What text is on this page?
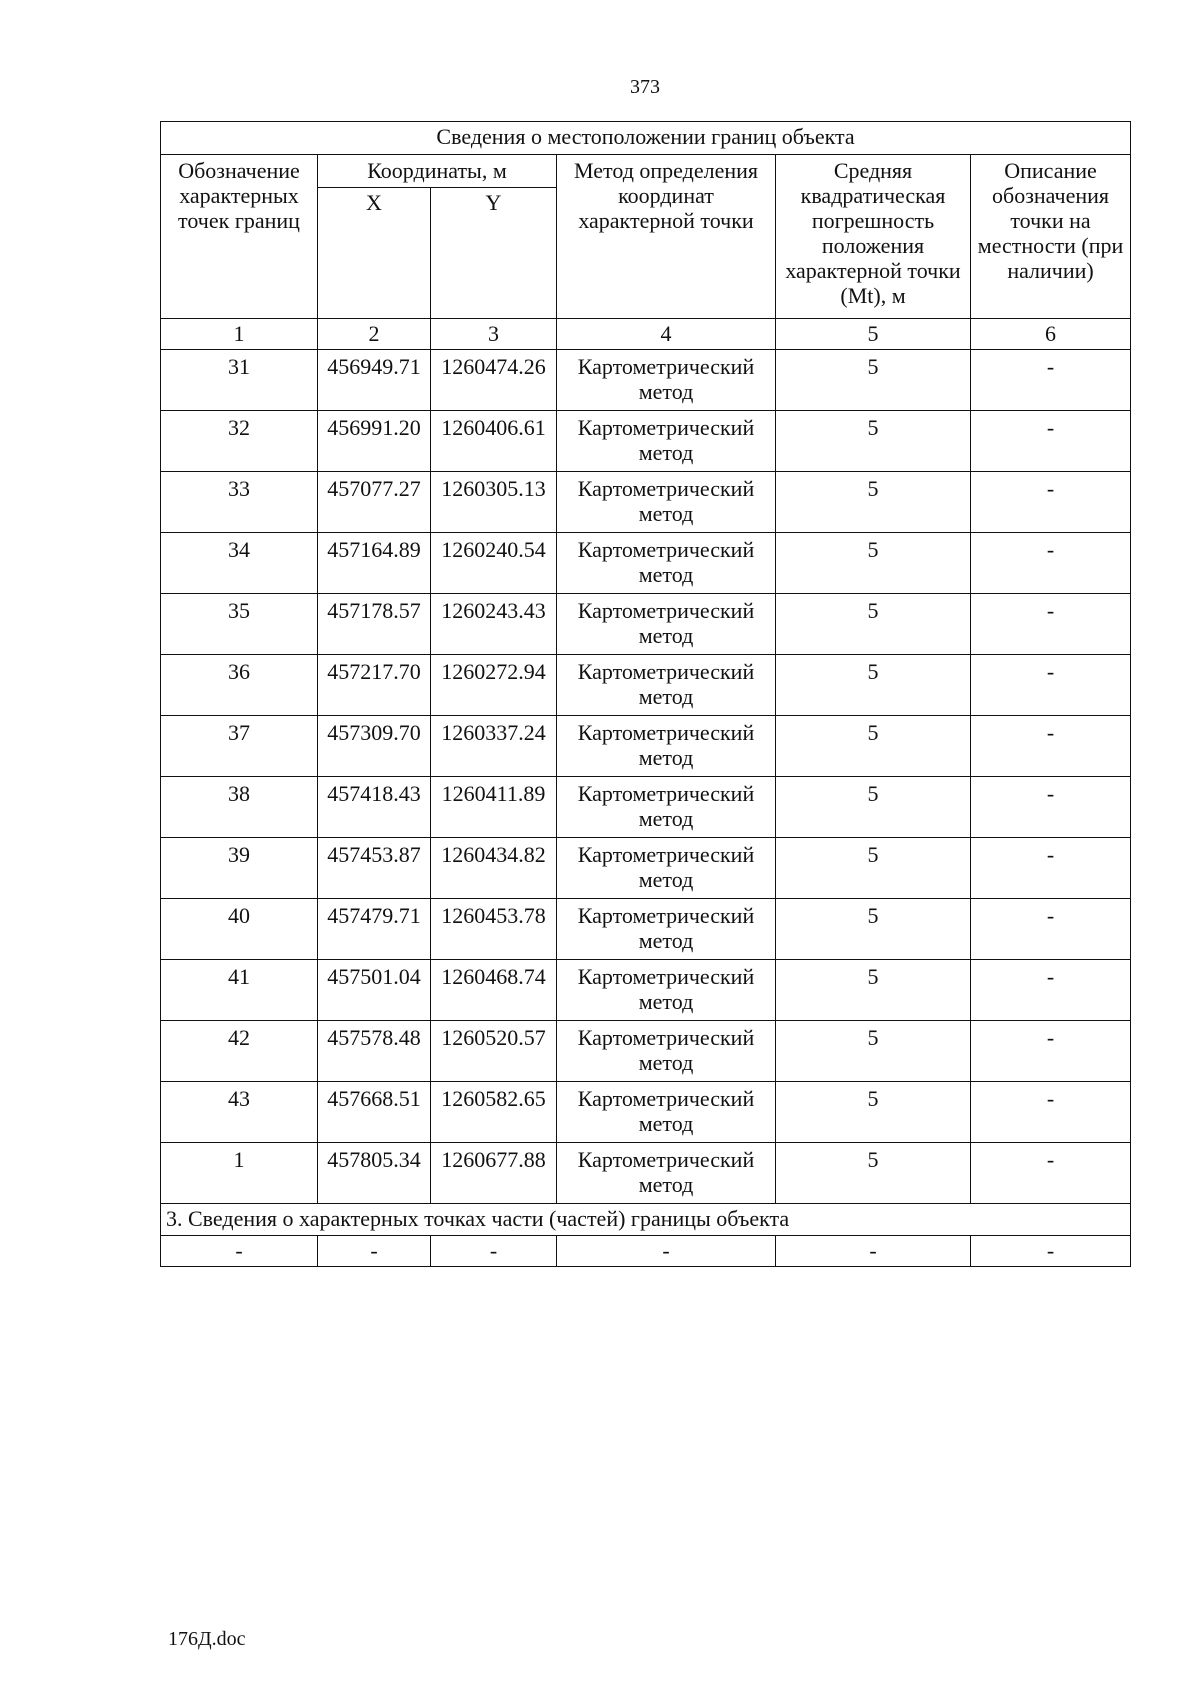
373
Сведения о местоположении границ объекта					
Обозначение характерных точек границ	Координаты, м		Метод определения координат характерной точки	Средняя квадратическая погрешность положения характерной точки (Mt), м	Описание обозначения точки на местности (при наличии)
	X	Y			
1	2	3	4	5	6
31	456949.71	1260474.26	Картометрический метод	5	-
32	456991.20	1260406.61	Картометрический метод	5	-
33	457077.27	1260305.13	Картометрический метод	5	-
34	457164.89	1260240.54	Картометрический метод	5	-
35	457178.57	1260243.43	Картометрический метод	5	-
36	457217.70	1260272.94	Картометрический метод	5	-
37	457309.70	1260337.24	Картометрический метод	5	-
38	457418.43	1260411.89	Картометрический метод	5	-
39	457453.87	1260434.82	Картометрический метод	5	-
40	457479.71	1260453.78	Картометрический метод	5	-
41	457501.04	1260468.74	Картометрический метод	5	-
42	457578.48	1260520.57	Картометрический метод	5	-
43	457668.51	1260582.65	Картометрический метод	5	-
1	457805.34	1260677.88	Картометрический метод	5	-
3. Сведения о характерных точках части (частей) границы объекта					
-	-	-	-	-	-
176Д.doc
